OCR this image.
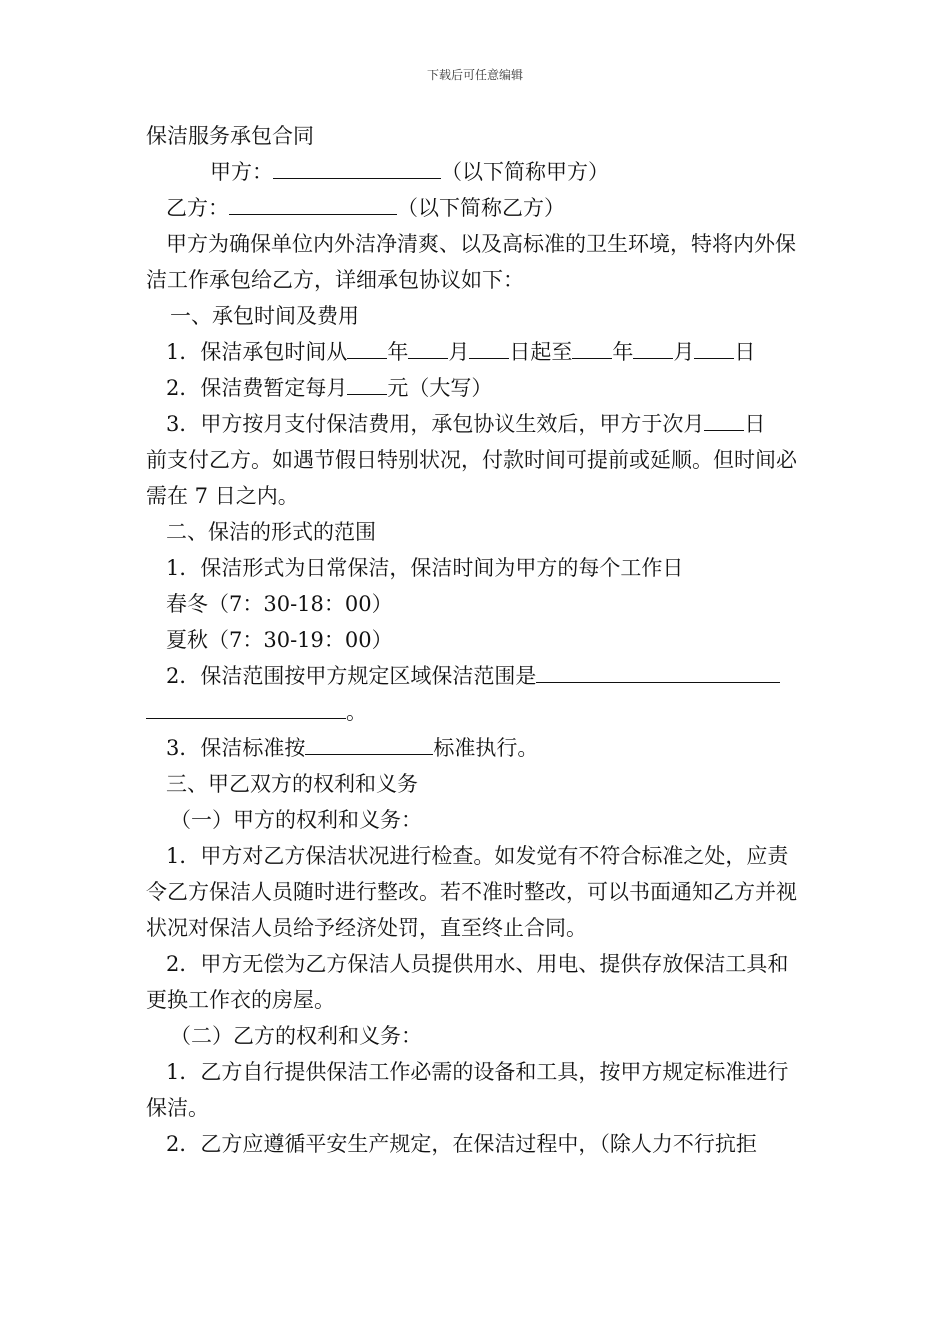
下载后可任意编辑

保洁服务承包合同

甲方：	（以下简称甲方）

乙方：	（以下简称乙方）

甲方为确保单位内外洁净清爽、以及高标准的卫生环境，特将内外保洁工作承包给乙方，详细承包协议如下：

一、承包时间及费用

1．保洁承包时间从 年 月 日起至 年 月 日

2．保洁费暂定每月 元（大写）

3．甲方按月支付保洁费用，承包协议生效后，甲方于次月 日

前支付乙方。如遇节假日特别状况，付款时间可提前或延顺。但时间必需在 7 日之内。

二、保洁的形式的范围

1．保洁形式为日常保洁，保洁时间为甲方的每个工作日

春冬（7：30-18：00）

夏秋（7：30-19：00）

2．保洁范围按甲方规定区域保洁范围是

。

3．保洁标准按	标准执行。

三、甲乙双方的权利和义务

（一）甲方的权利和义务：

1．甲方对乙方保洁状况进行检查。如发觉有不符合标准之处，应责令乙方保洁人员随时进行整改。若不准时整改，可以书面通知乙方并视状况对保洁人员给予经济处罚，直至终止合同。

2．甲方无偿为乙方保洁人员提供用水、用电、提供存放保洁工具和更换工作衣的房屋。

（二）乙方的权利和义务：

1．乙方自行提供保洁工作必需的设备和工具，按甲方规定标准进行保洁。

2．乙方应遵循平安生产规定，在保洁过程中，（除人力不行抗拒
